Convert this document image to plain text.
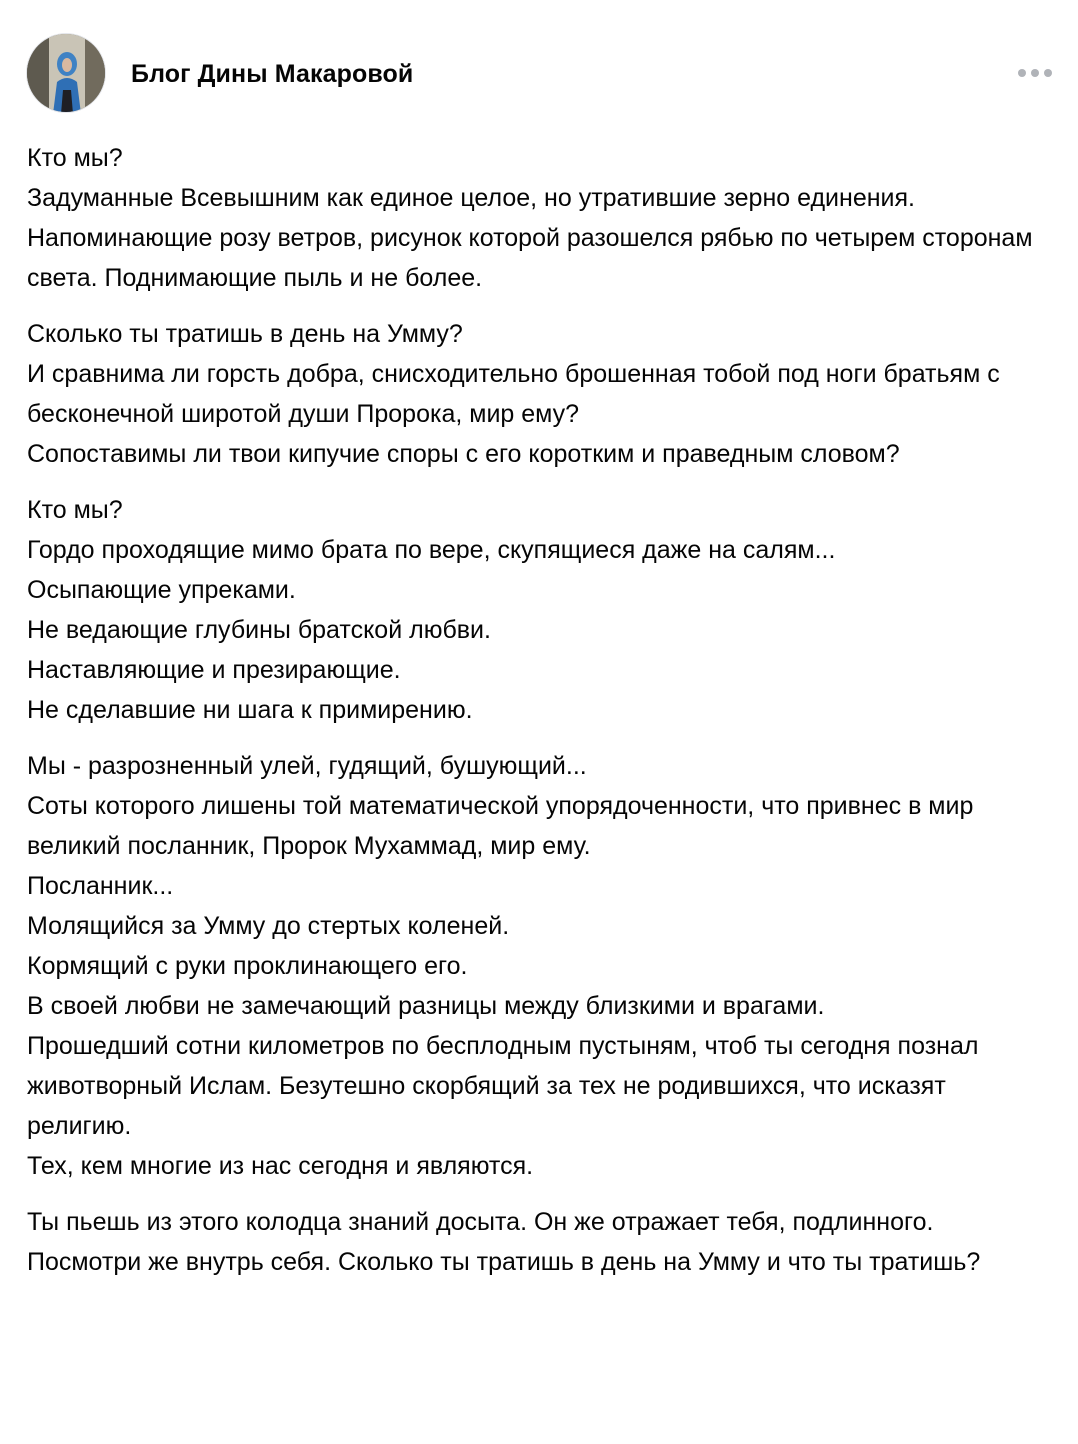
Блог Дины Макаровой
Кто мы?
Задуманные Всевышним как единое целое, но утратившие зерно единения.
Напоминающие розу ветров, рисунок которой разошелся рябью по четырем сторонам света. Поднимающие пыль и не более.
Сколько ты тратишь в день на Умму?
И сравнима ли горсть добра, снисходительно брошенная тобой под ноги братьям с бесконечной широтой души Пророка, мир ему?
Сопоставимы ли твои кипучие споры с его коротким и праведным словом?
Кто мы?
Гордо проходящие мимо брата по вере, скупящиеся даже на салям...
Осыпающие упреками.
Не ведающие глубины братской любви.
Наставляющие и презирающие.
Не сделавшие ни шага к примирению.
Мы - разрозненный улей, гудящий, бушующий...
Соты которого лишены той математической упорядоченности, что привнес в мир великий посланник, Пророк Мухаммад, мир ему.
Посланник...
Молящийся за Умму до стертых коленей.
Кормящий с руки проклинающего его.
В своей любви не замечающий разницы между близкими и врагами.
Прошедший сотни километров по бесплодным пустыням, чтоб ты сегодня познал животворный Ислам. Безутешно скорбящий за тех не родившихся, что исказят религию.
Тех, кем многие из нас сегодня и являются.
Ты пьешь из этого колодца знаний досыта. Он же отражает тебя, подлинного.
Посмотри же внутрь себя. Сколько ты тратишь в день на Умму и что ты тратишь?
